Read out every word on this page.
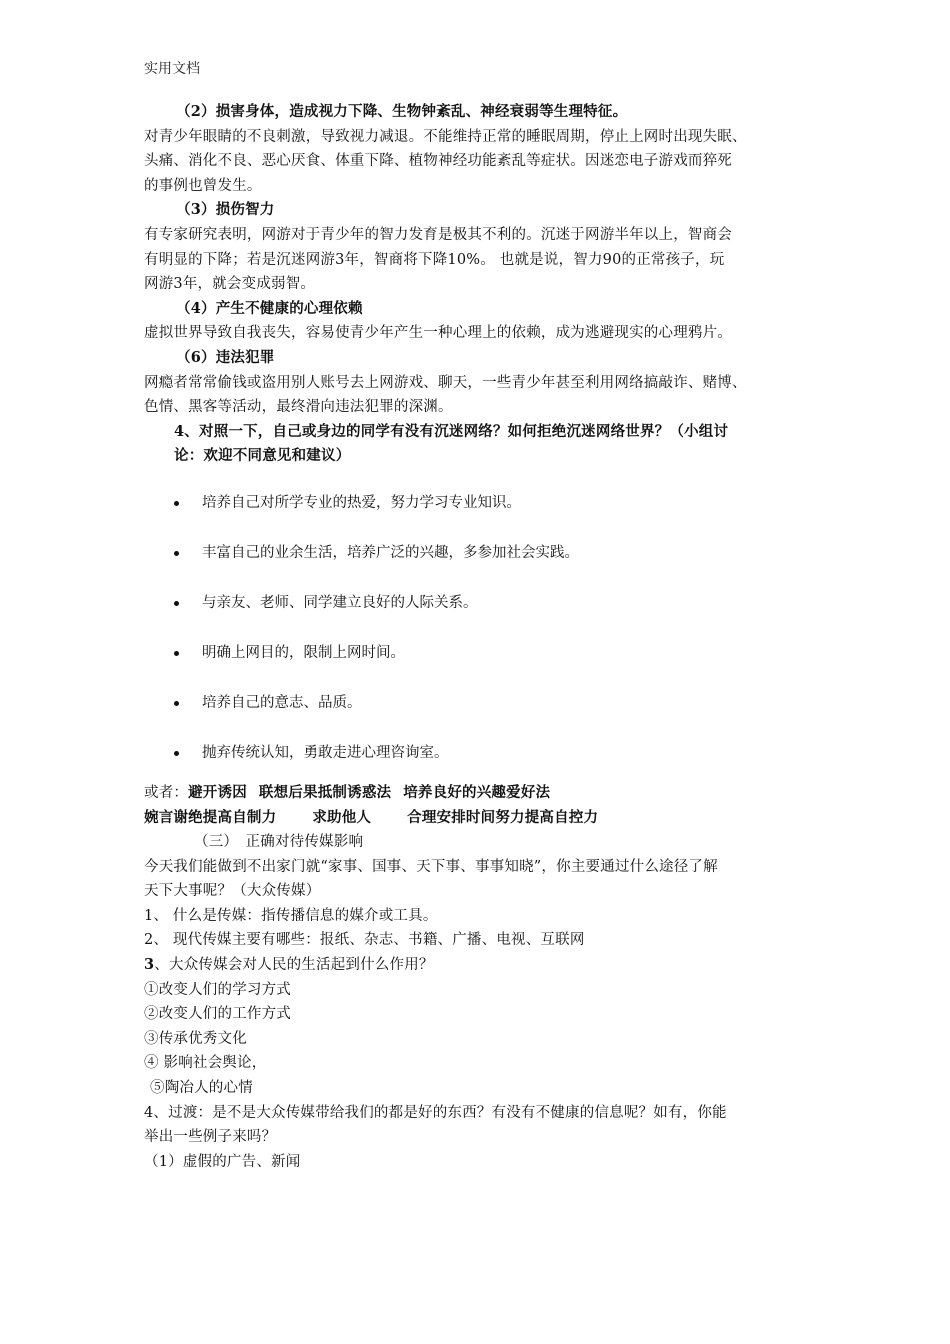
实用文档
（2）损害身体，造成视力下降、生物钟紊乱、神经衰弱等生理特征。
对青少年眼睛的不良刺激，导致视力减退。不能维持正常的睡眠周期，停止上网时出现失眠、
头痛、消化不良、恶心厌食、体重下降、植物神经功能紊乱等症状。因迷恋电子游戏而猝死
的事例也曾发生。
（3）损伤智力
有专家研究表明，网游对于青少年的智力发育是极其不利的。沉迷于网游半年以上，智商会
有明显的下降；若是沉迷网游3年，智商将下降10%。 也就是说，智力90的正常孩子，玩
网游3年，就会变成弱智。
（4）产生不健康的心理依赖
虚拟世界导致自我丧失，容易使青少年产生一种心理上的依赖，成为逃避现实的心理鸦片。
（6）违法犯罪
网瘾者常常偷钱或盗用别人账号去上网游戏、聊天，一些青少年甚至利用网络搞敲诈、赌博、
色情、黑客等活动，最终滑向违法犯罪的深渊。
4、对照一下，自己或身边的同学有没有沉迷网络？如何拒绝沉迷网络世界？（小组讨
论：欢迎不同意见和建议）
培养自己对所学专业的热爱，努力学习专业知识。
丰富自己的业余生活，培养广泛的兴趣，多参加社会实践。
与亲友、老师、同学建立良好的人际关系。
明确上网目的，限制上网时间。
培养自己的意志、品质。
抛弃传统认知，勇敢走进心理咨询室。
或者：避开诱因 联想后果抵制诱惑法 培养良好的兴趣爱好法
婉言谢绝提高自制力 求助他人 合理安排时间努力提高自控力
（三）　正确对待传媒影响
今天我们能做到不出家门就“家事、国事、天下事、事事知晓”，你主要通过什么途径了解
天下大事呢？（大众传媒）
1、 什么是传媒：指传播信息的媒介或工具。
2、 现代传媒主要有哪些：报纸、杂志、书籍、广播、电视、互联网
3、大众传媒会对人民的生活起到什么作用？
①改变人们的学习方式
②改变人们的工作方式
③传承优秀文化
④ 影响社会舆论，
⑤陶冶人的心情
4、过渡：是不是大众传媒带给我们的都是好的东西？有没有不健康的信息呢？如有，你能
举出一些例子来吗？
（1）虚假的广告、新闻
